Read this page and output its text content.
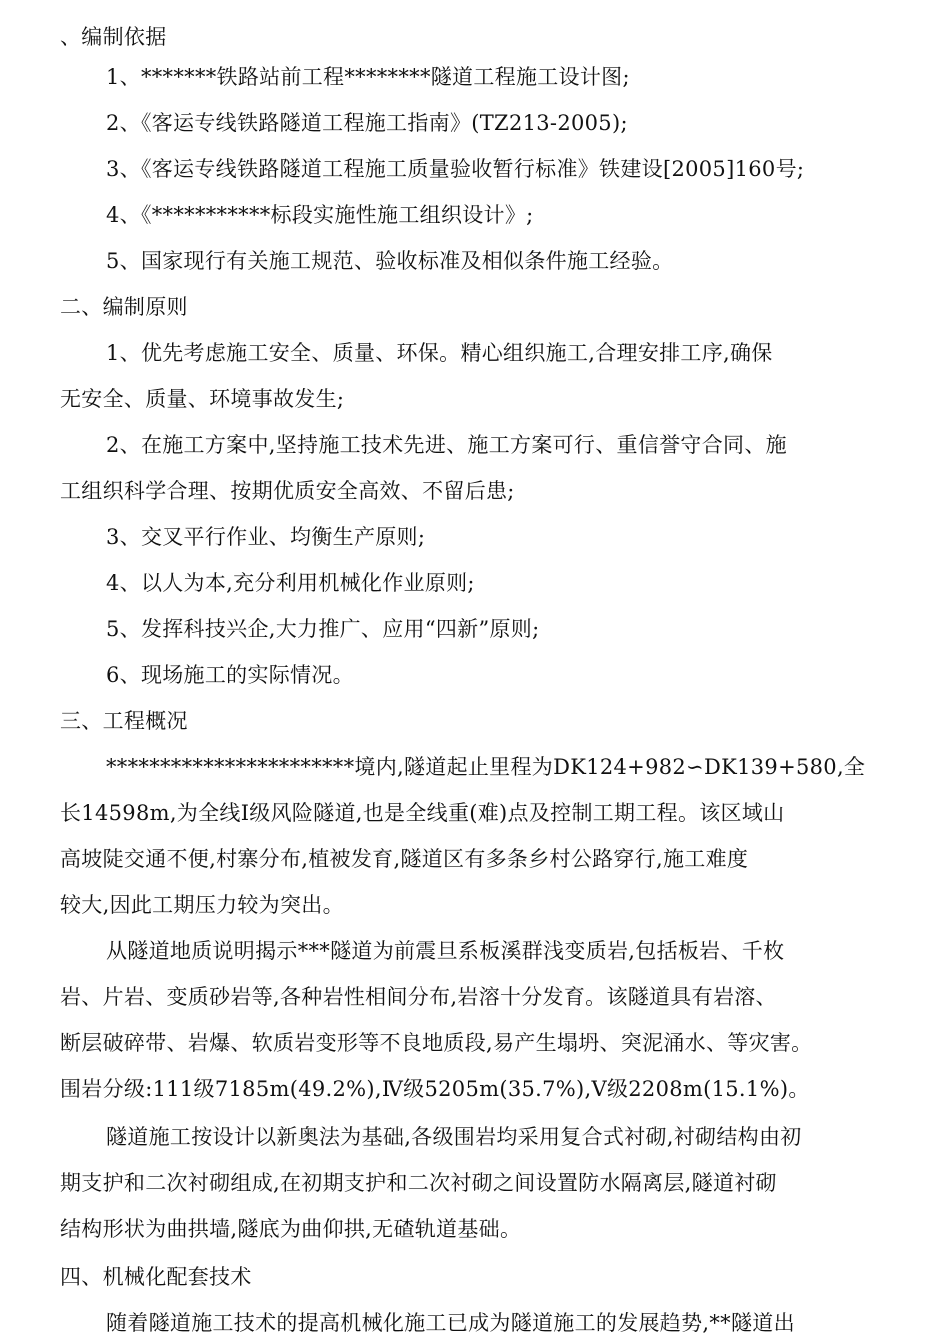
、编制依据
1、*******铁路站前工程********隧道工程施工设计图;
2、《客运专线铁路隧道工程施工指南》(TZ213-2005);
3、《客运专线铁路隧道工程施工质量验收暂行标准》铁建设[2005]160号;
4、《***********标段实施性施工组织设计》;
5、国家现行有关施工规范、验收标准及相似条件施工经验。
二、编制原则
1、优先考虑施工安全、质量、环保。精心组织施工,合理安排工序,确保
无安全、质量、环境事故发生;
2、在施工方案中,坚持施工技术先进、施工方案可行、重信誉守合同、施
工组织科学合理、按期优质安全高效、不留后患;
3、交叉平行作业、均衡生产原则;
4、以人为本,充分利用机械化作业原则;
5、发挥科技兴企,大力推广、应用“四新”原则;
6、现场施工的实际情况。
三、工程概况
***********************境内,隧道起止里程为DK124+982∽DK139+580,全
长14598m,为全线Ⅰ级风险隧道,也是全线重(难)点及控制工期工程。该区域山
高坡陡交通不便,村寨分布,植被发育,隧道区有多条乡村公路穿行,施工难度
较大,因此工期压力较为突出。
从隧道地质说明揭示***隧道为前震旦系板溪群浅变质岩,包括板岩、千枚
岩、片岩、变质砂岩等,各种岩性相间分布,岩溶十分发育。该隧道具有岩溶、
断层破碎带、岩爆、软质岩变形等不良地质段,易产生塌坍、突泥涌水、等灾害。
围岩分级:111级7185m(49.2%),Ⅳ级5205m(35.7%),Ⅴ级2208m(15.1%)。
隧道施工按设计以新奥法为基础,各级围岩均采用复合式衬砌,衬砌结构由初
期支护和二次衬砌组成,在初期支护和二次衬砌之间设置防水隔离层,隧道衬砌
结构形状为曲拱墙,隧底为曲仰拱,无碴轨道基础。
四、机械化配套技术
随着隧道施工技术的提高机械化施工已成为隧道施工的发展趋势,**隧道出
